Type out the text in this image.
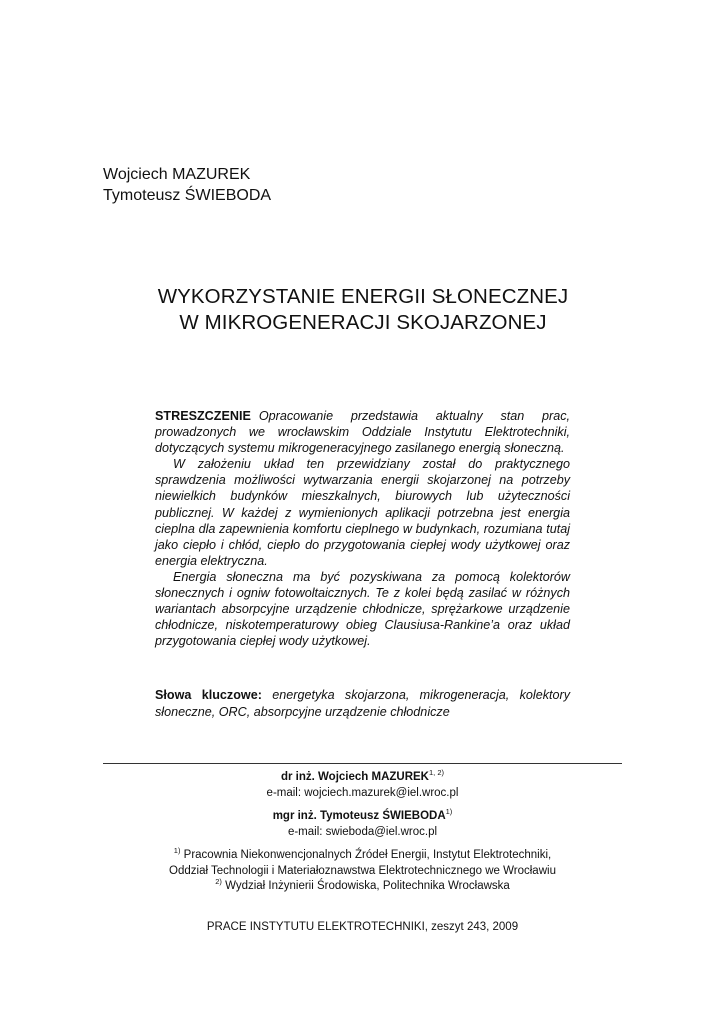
Wojciech MAZUREK
Tymoteusz ŚWIEBODA
WYKORZYSTANIE ENERGII SŁONECZNEJ
W MIKROGENERACJI SKOJARZONEJ

STRESZCZENIE Opracowanie przedstawia aktualny stan prac, prowadzonych we wrocławskim Oddziale Instytutu Elektrotechniki, dotyczących systemu mikrogeneracyjnego zasilanego energią słoneczną.

W założeniu układ ten przewidziany został do praktycznego sprawdzenia możliwości wytwarzania energii skojarzonej na potrzeby niewielkich budynków mieszkalnych, biurowych lub użyteczności publicznej. W każdej z wymienionych aplikacji potrzebna jest energia cieplna dla zapewnienia komfortu cieplnego w budynkach, rozumiana tutaj jako ciepło i chłód, ciepło do przygotowania ciepłej wody użytkowej oraz energia elektryczna.

Energia słoneczna ma być pozyskiwana za pomocą kolektorów słonecznych i ogniw fotowoltaicznych. Te z kolei będą zasilać w różnych wariantach absorpcyjne urządzenie chłodnicze, sprężarkowe urządzenie chłodnicze, niskotemperaturowy obieg Clausiusa-Rankine’a oraz układ przygotowania ciepłej wody użytkowej.

Słowa kluczowe: energetyka skojarzona, mikrogeneracja, kolektory słoneczne, ORC, absorpcyjne urządzenie chłodnicze
dr inż. Wojciech MAZUREK$^{1, 2)}$
e-mail: wojciech.mazurek@iel.wroc.pl
mgr inż. Tymoteusz ŚWIEBODA$^{1)}$
e-mail: swieboda@iel.wroc.pl
$^{1)}$ Pracownia Niekonwencjonalnych Źródeł Energii, Instytut Elektrotechniki,
Oddział Technologii i Materiałoznawstwa Elektrotechnicznego we Wrocławiu
$^{2)}$ Wydział Inżynierii Środowiska, Politechnika Wrocławska
PRACE INSTYTUTU ELEKTROTECHNIKI, zeszyt 243, 2009
